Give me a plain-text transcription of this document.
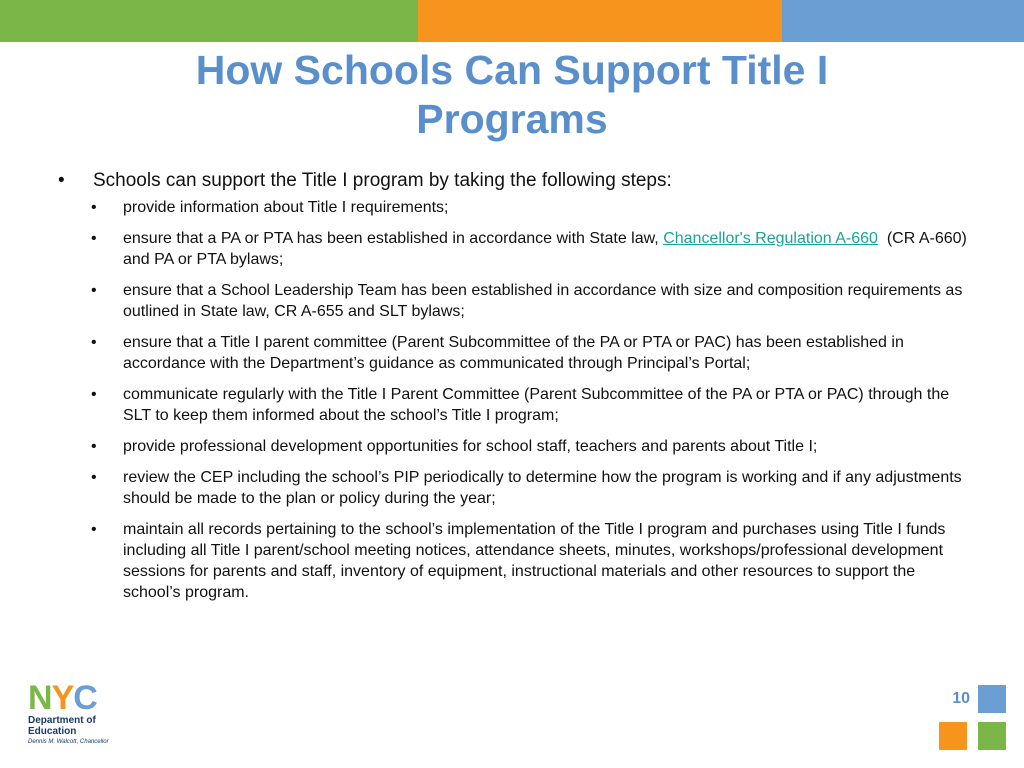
How Schools Can Support Title I Programs

• Schools can support the Title I program by taking the following steps:

• provide information about Title I requirements;
• ensure that a PA or PTA has been established in accordance with State law, Chancellor's Regulation A-660  (CR A-660) and PA or PTA bylaws;
• ensure that a School Leadership Team has been established in accordance with size and composition requirements as outlined in State law, CR A-655 and SLT bylaws;
• ensure that a Title I parent committee (Parent Subcommittee of the PA or PTA or PAC) has been established in accordance with the Department’s guidance as communicated through Principal’s Portal;
• communicate regularly with the Title I Parent Committee (Parent Subcommittee of the PA or PTA or PAC) through the SLT to keep them informed about the school’s Title I program;
• provide professional development opportunities for school staff, teachers and parents about Title I;
• review the CEP including the school’s PIP periodically to determine how the program is working and if any adjustments should be made to the plan or policy during the year;
• maintain all records pertaining to the school’s implementation of the Title I program and purchases using Title I funds including all Title I parent/school meeting notices, attendance sheets, minutes, workshops/professional development sessions for parents and staff, inventory of equipment, instructional materials and other resources to support the school’s program.
N Y C
Department of
Education
Dennis M. Walcott, Chancellor
10
